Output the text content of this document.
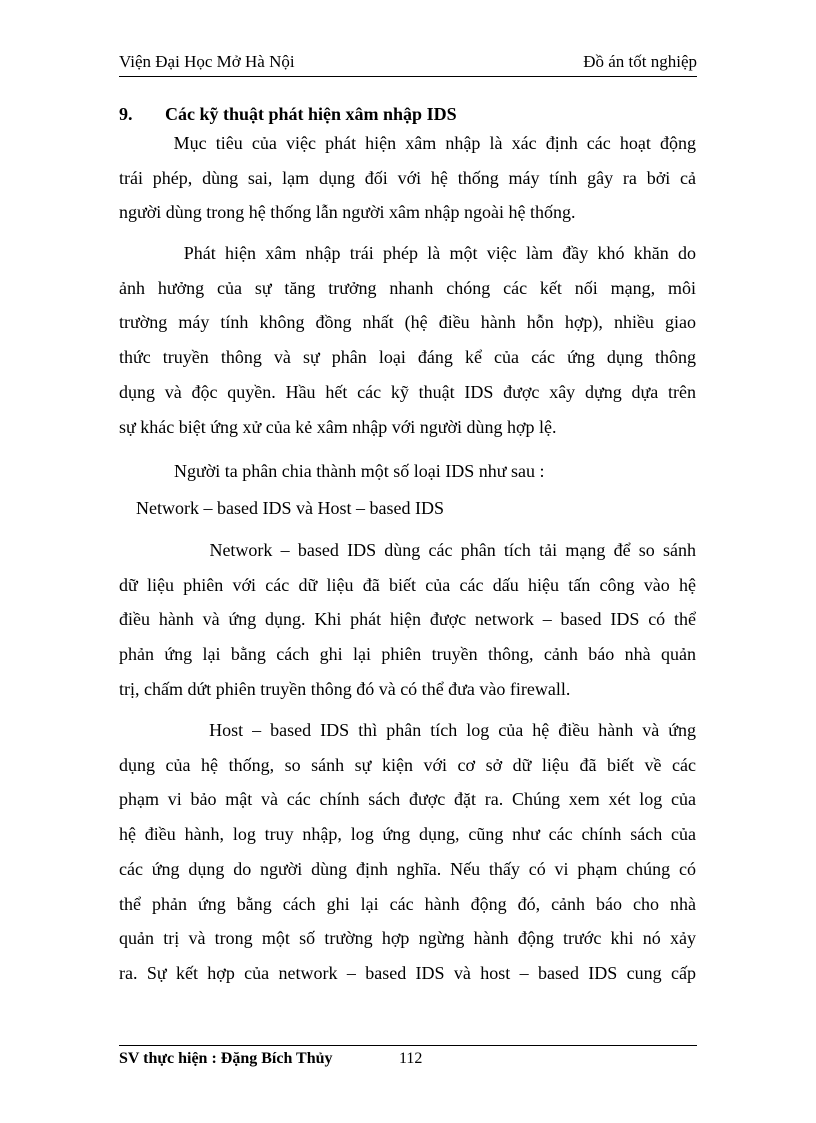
Viện Đại Học Mở Hà Nội	Đồ án tốt nghiệp
9. Các kỹ thuật phát hiện xâm nhập IDS
Mục tiêu của việc phát hiện xâm nhập là xác định các hoạt động
trái phép, dùng sai, lạm dụng đối với hệ thống máy tính gây ra bởi cả
người dùng trong hệ thống lẫn người xâm nhập ngoài hệ thống.
Phát hiện xâm nhập trái phép là một việc làm đầy khó khăn do
ảnh hưởng của sự tăng trưởng nhanh chóng các kết nối mạng, môi
trường máy tính không đồng nhất (hệ điều hành hỗn hợp), nhiều giao
thức truyền thông và sự phân loại đáng kể của các ứng dụng thông
dụng và độc quyền. Hầu hết các kỹ thuật IDS được xây dựng dựa trên
sự khác biệt ứng xử của kẻ xâm nhập với người dùng hợp lệ.
Người ta phân chia thành một số loại IDS như sau :
Network – based IDS và Host – based IDS
Network – based IDS dùng các phân tích tải mạng để so sánh
dữ liệu phiên với các dữ liệu đã biết của các dấu hiệu tấn công vào hệ
điều hành và ứng dụng. Khi phát hiện được network – based IDS có thể
phản ứng lại bằng cách ghi lại phiên truyền thông, cảnh báo nhà quản
trị, chấm dứt phiên truyền thông đó và có thể đưa vào firewall.
Host – based IDS thì phân tích log của hệ điều hành và ứng
dụng của hệ thống, so sánh sự kiện với cơ sở dữ liệu đã biết về các
phạm vi bảo mật và các chính sách được đặt ra. Chúng xem xét log của
hệ điều hành, log truy nhập, log ứng dụng, cũng như các chính sách của
các ứng dụng do người dùng định nghĩa. Nếu thấy có vi phạm chúng có
thể phản ứng bằng cách ghi lại các hành động đó, cảnh báo cho nhà
quản trị và trong một số trường hợp ngừng hành động trước khi nó xảy
ra. Sự kết hợp của network – based IDS và host – based IDS cung cấp
SV thực hiện : Đặng Bích Thủy	112
